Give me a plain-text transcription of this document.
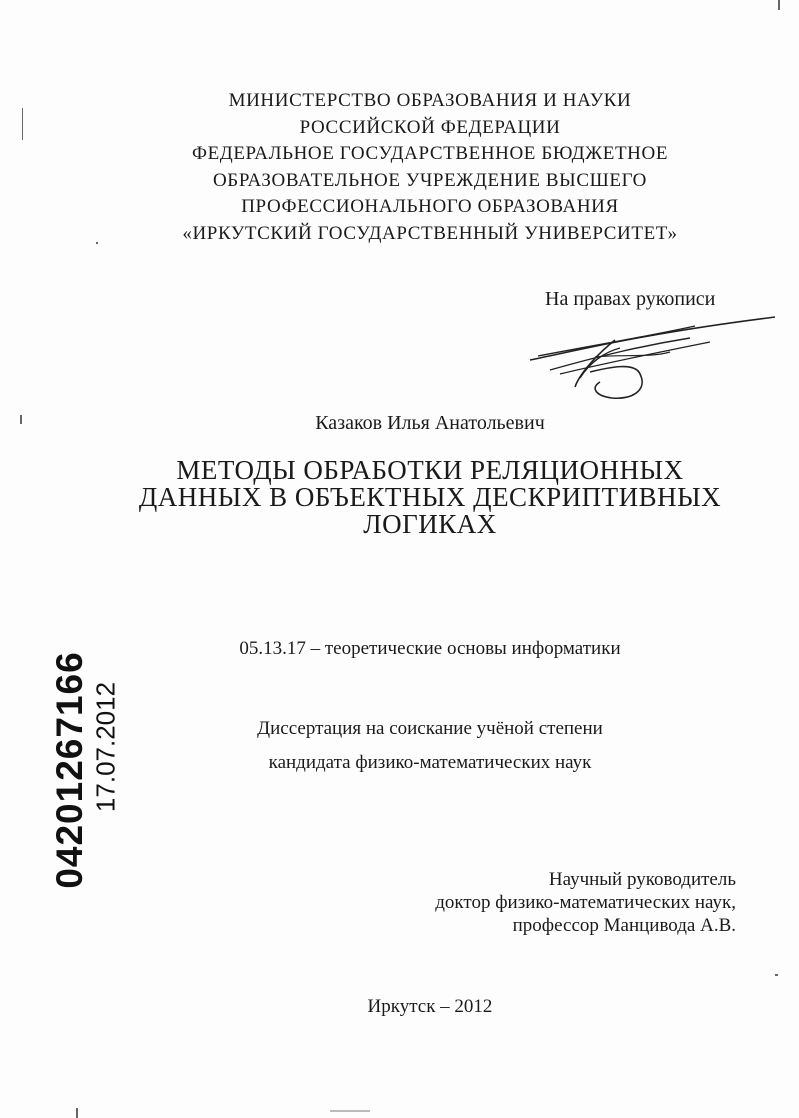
МИНИСТЕРСТВО ОБРАЗОВАНИЯ И НАУКИ
РОССИЙСКОЙ ФЕДЕРАЦИИ
ФЕДЕРАЛЬНОЕ ГОСУДАРСТВЕННОЕ БЮДЖЕТНОЕ
ОБРАЗОВАТЕЛЬНОЕ УЧРЕЖДЕНИЕ ВЫСШЕГО
ПРОФЕССИОНАЛЬНОГО ОБРАЗОВАНИЯ
«ИРКУТСКИЙ ГОСУДАРСТВЕННЫЙ УНИВЕРСИТЕТ»
На правах рукописи
Казаков Илья Анатольевич
МЕТОДЫ ОБРАБОТКИ РЕЛЯЦИОННЫХ
ДАННЫХ В ОБЪЕКТНЫХ ДЕСКРИПТИВНЫХ
ЛОГИКАХ
05.13.17 – теоретические основы информатики
Диссертация на соискание учёной степени
кандидата физико-математических наук
Научный руководитель
доктор физико-математических наук,
профессор Манцивода А.В.
Иркутск – 2012
04201267166 17.07.2012
